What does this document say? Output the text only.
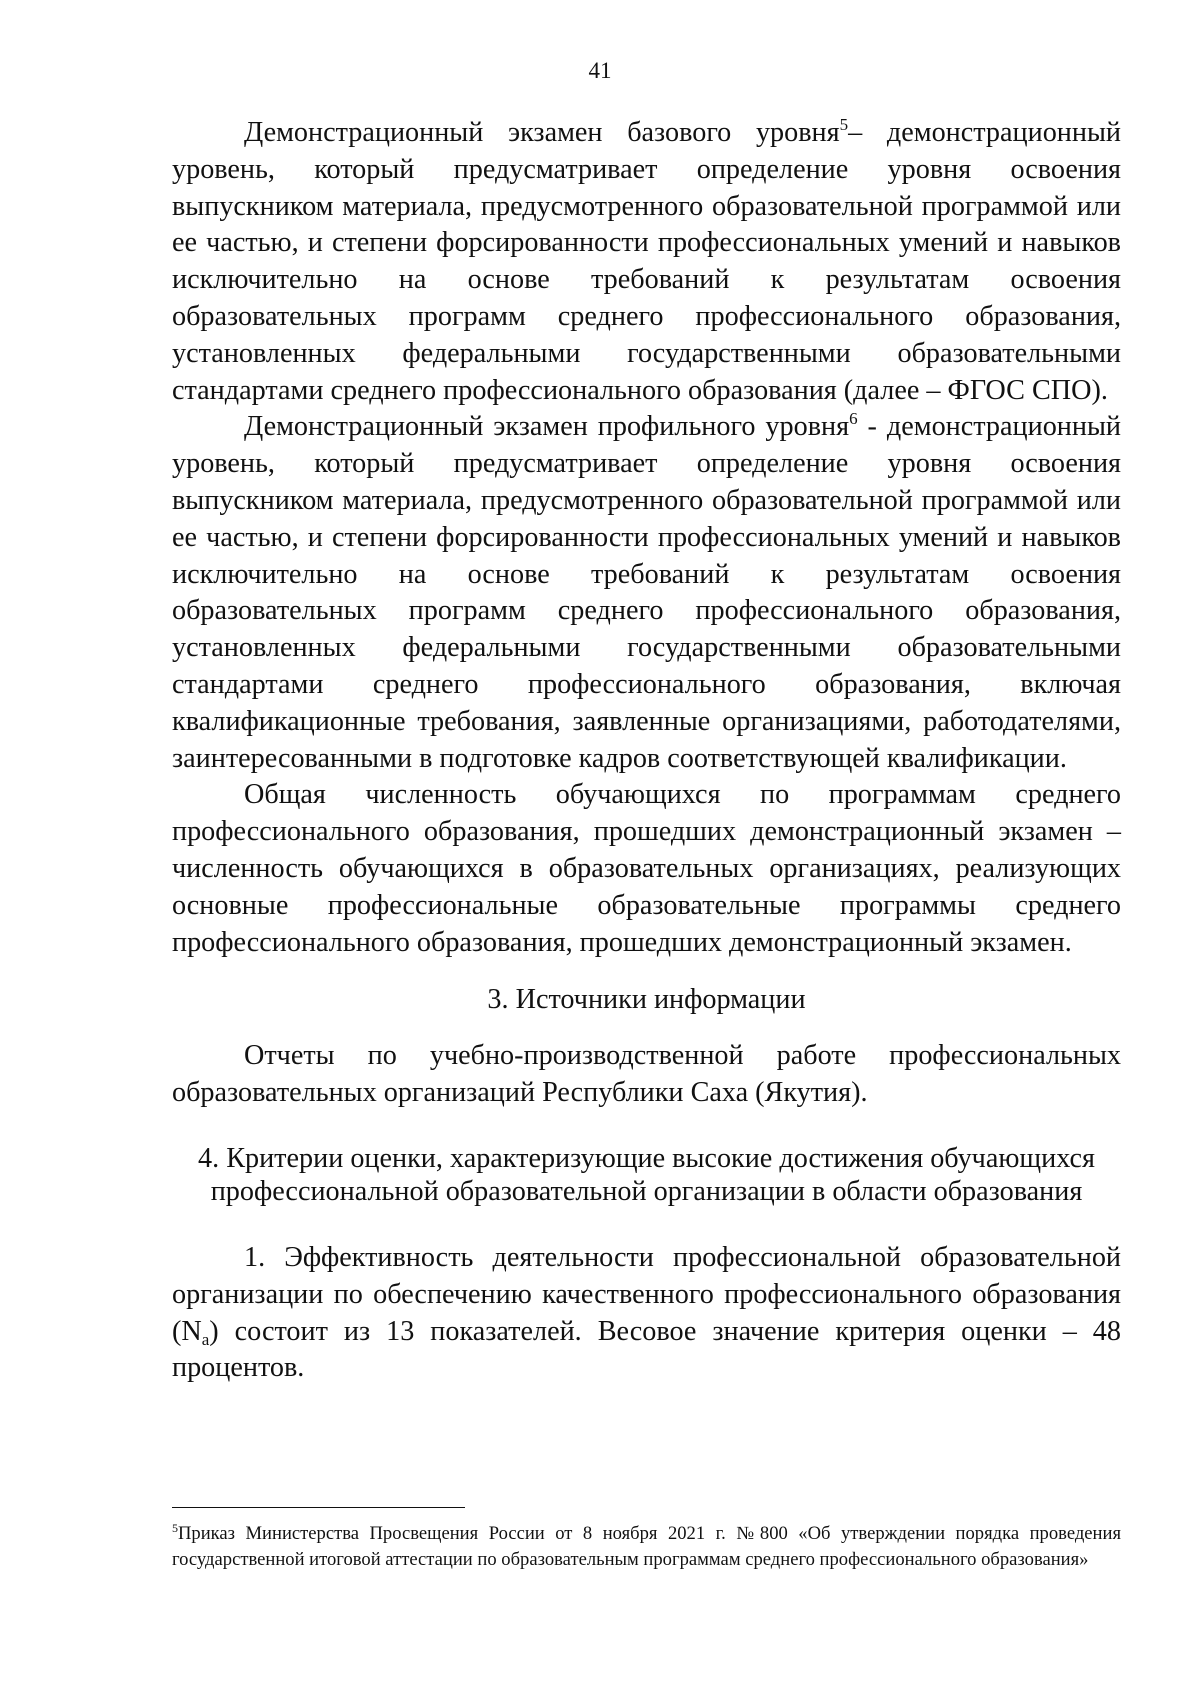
41

Демонстрационный экзамен базового уровня$^5$– демонстрационный уровень, который предусматривает определение уровня освоения выпускником материала, предусмотренного образовательной программой или ее частью, и степени форсированности профессиональных умений и навыков исключительно на основе требований к результатам освоения образовательных программ среднего профессионального образования, установленных федеральными государственными образовательными стандартами среднего профессионального образования (далее – ФГОС СПО).

Демонстрационный экзамен профильного уровня$^6$ - демонстрационный уровень, который предусматривает определение уровня освоения выпускником материала, предусмотренного образовательной программой или ее частью, и степени форсированности профессиональных умений и навыков исключительно на основе требований к результатам освоения образовательных программ среднего профессионального образования, установленных федеральными государственными образовательными стандартами среднего профессионального образования, включая квалификационные требования, заявленные организациями, работодателями, заинтересованными в подготовке кадров соответствующей квалификации.

Общая численность обучающихся по программам среднего профессионального образования, прошедших демонстрационный экзамен – численность обучающихся в образовательных организациях, реализующих основные профессиональные образовательные программы среднего профессионального образования, прошедших демонстрационный экзамен.

3. Источники информации

Отчеты по учебно-производственной работе профессиональных образовательных организаций Республики Саха (Якутия).

4. Критерии оценки, характеризующие высокие достижения обучающихся
профессиональной образовательной организации в области образования

1. Эффективность деятельности профессиональной образовательной организации по обеспечению качественного профессионального образования $(N_a)$ состоит из 13 показателей. Весовое значение критерия оценки – 48 процентов.

$^5$Приказ Министерства Просвещения России от 8 ноября 2021 г. №800 «Об утверждении порядка проведения государственной итоговой аттестации по образовательным программам среднего профессионального образования»
